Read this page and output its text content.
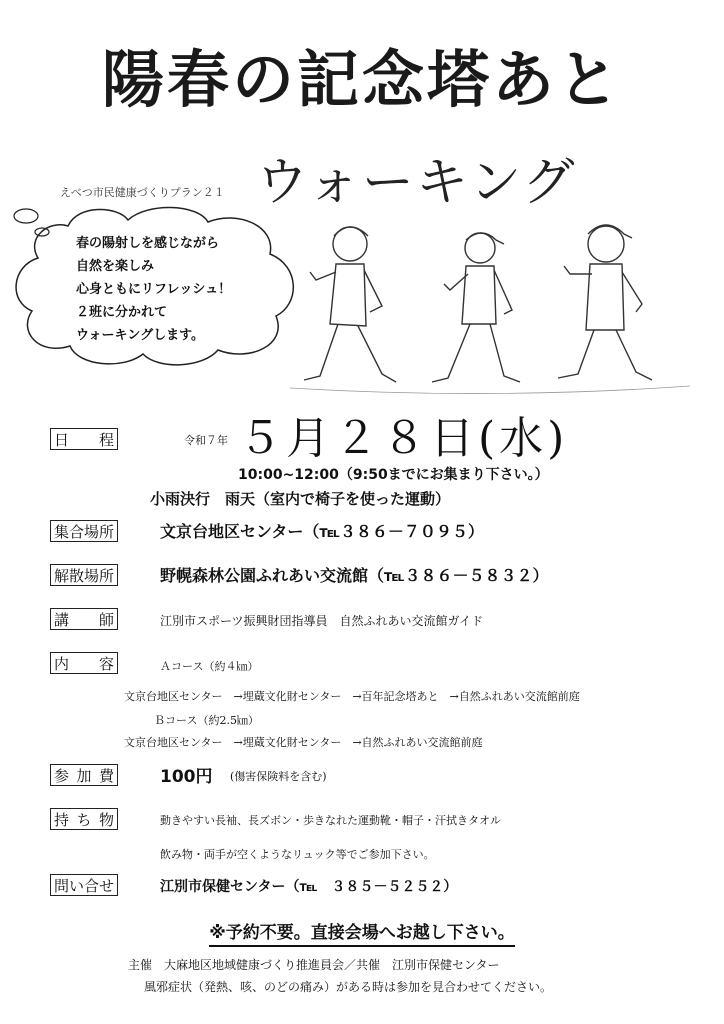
陽春の記念塔あと
えべつ市民健康づくりプラン２１ ウォーキング
春の陽射しを感じながら
自然を楽しみ
心身ともにリフレッシュ！
２班に分かれて
ウォーキングします。
日 程	令和７年 ５月２８日(水)
10:00~12:00（9:50までにお集まり下さい。）
小雨決行　雨天（室内で椅子を使った運動）
集 合 場 所	文京台地区センター（℡３８６－７０９５）
解 散 場 所	野幌森林公園ふれあい交流館（℡３８６－５８３２）
講 師	江別市スポーツ振興財団指導員　自然ふれあい交流館ガイド
内 容	Ａコース（約４㎞）
文京台地区センター　→埋蔵文化財センター　→百年記念塔あと　→自然ふれあい交流館前庭
Ｂコース（約2.5㎞）
文京台地区センター　→埋蔵文化財センター　→自然ふれあい交流館前庭
参 加 費	100円 (傷害保険料を含む)
持 ち 物	動きやすい長袖、長ズボン・歩きなれた運動靴・帽子・汗拭きタオル
飲み物・両手が空くようなリュック等でご参加下さい。
問 い 合 せ	江別市保健センター（℡　３８５－５２５２）
※予約不要。直接会場へお越し下さい。
主催　大麻地区地域健康づくり推進員会／共催　江別市保健センター
風邪症状（発熱、咳、のどの痛み）がある時は参加を見合わせてください。
